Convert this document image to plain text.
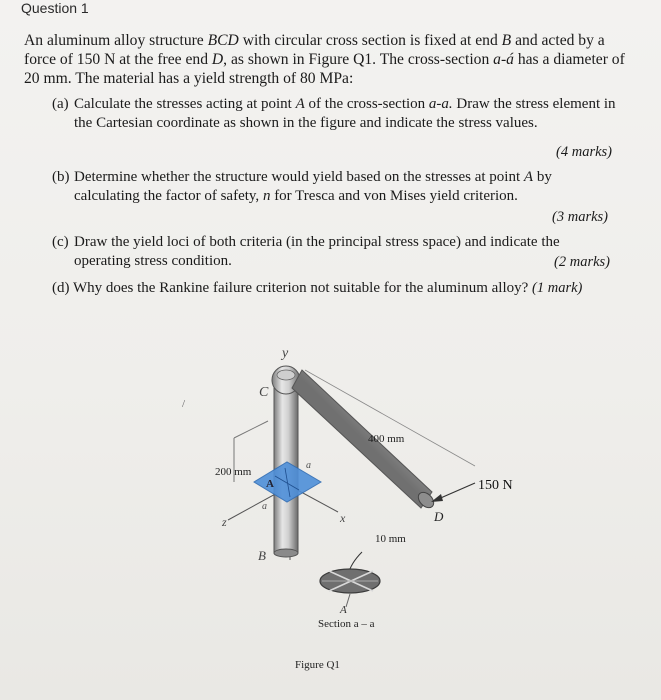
Question 1
An aluminum alloy structure BCD with circular cross section is fixed at end B and acted by a force of 150 N at the free end D, as shown in Figure Q1. The cross-section a-á has a diameter of 20 mm. The material has a yield strength of 80 MPa:
(a) Calculate the stresses acting at point A of the cross-section a-a. Draw the stress element in the Cartesian coordinate as shown in the figure and indicate the stress values.
(4 marks)
(b) Determine whether the structure would yield based on the stresses at point A by calculating the factor of safety, n for Tresca and von Mises yield criterion.
(3 marks)
(c) Draw the yield loci of both criteria (in the principal stress space) and indicate the operating stress condition.	(2 marks)
(d) Why does the Rankine failure criterion not suitable for the aluminum alloy? (1 mark)
y
C
400 mm
200 mm
a
A
a
150 N
D
z	x
10 mm
B
A
Section a – a
Figure Q1
/
